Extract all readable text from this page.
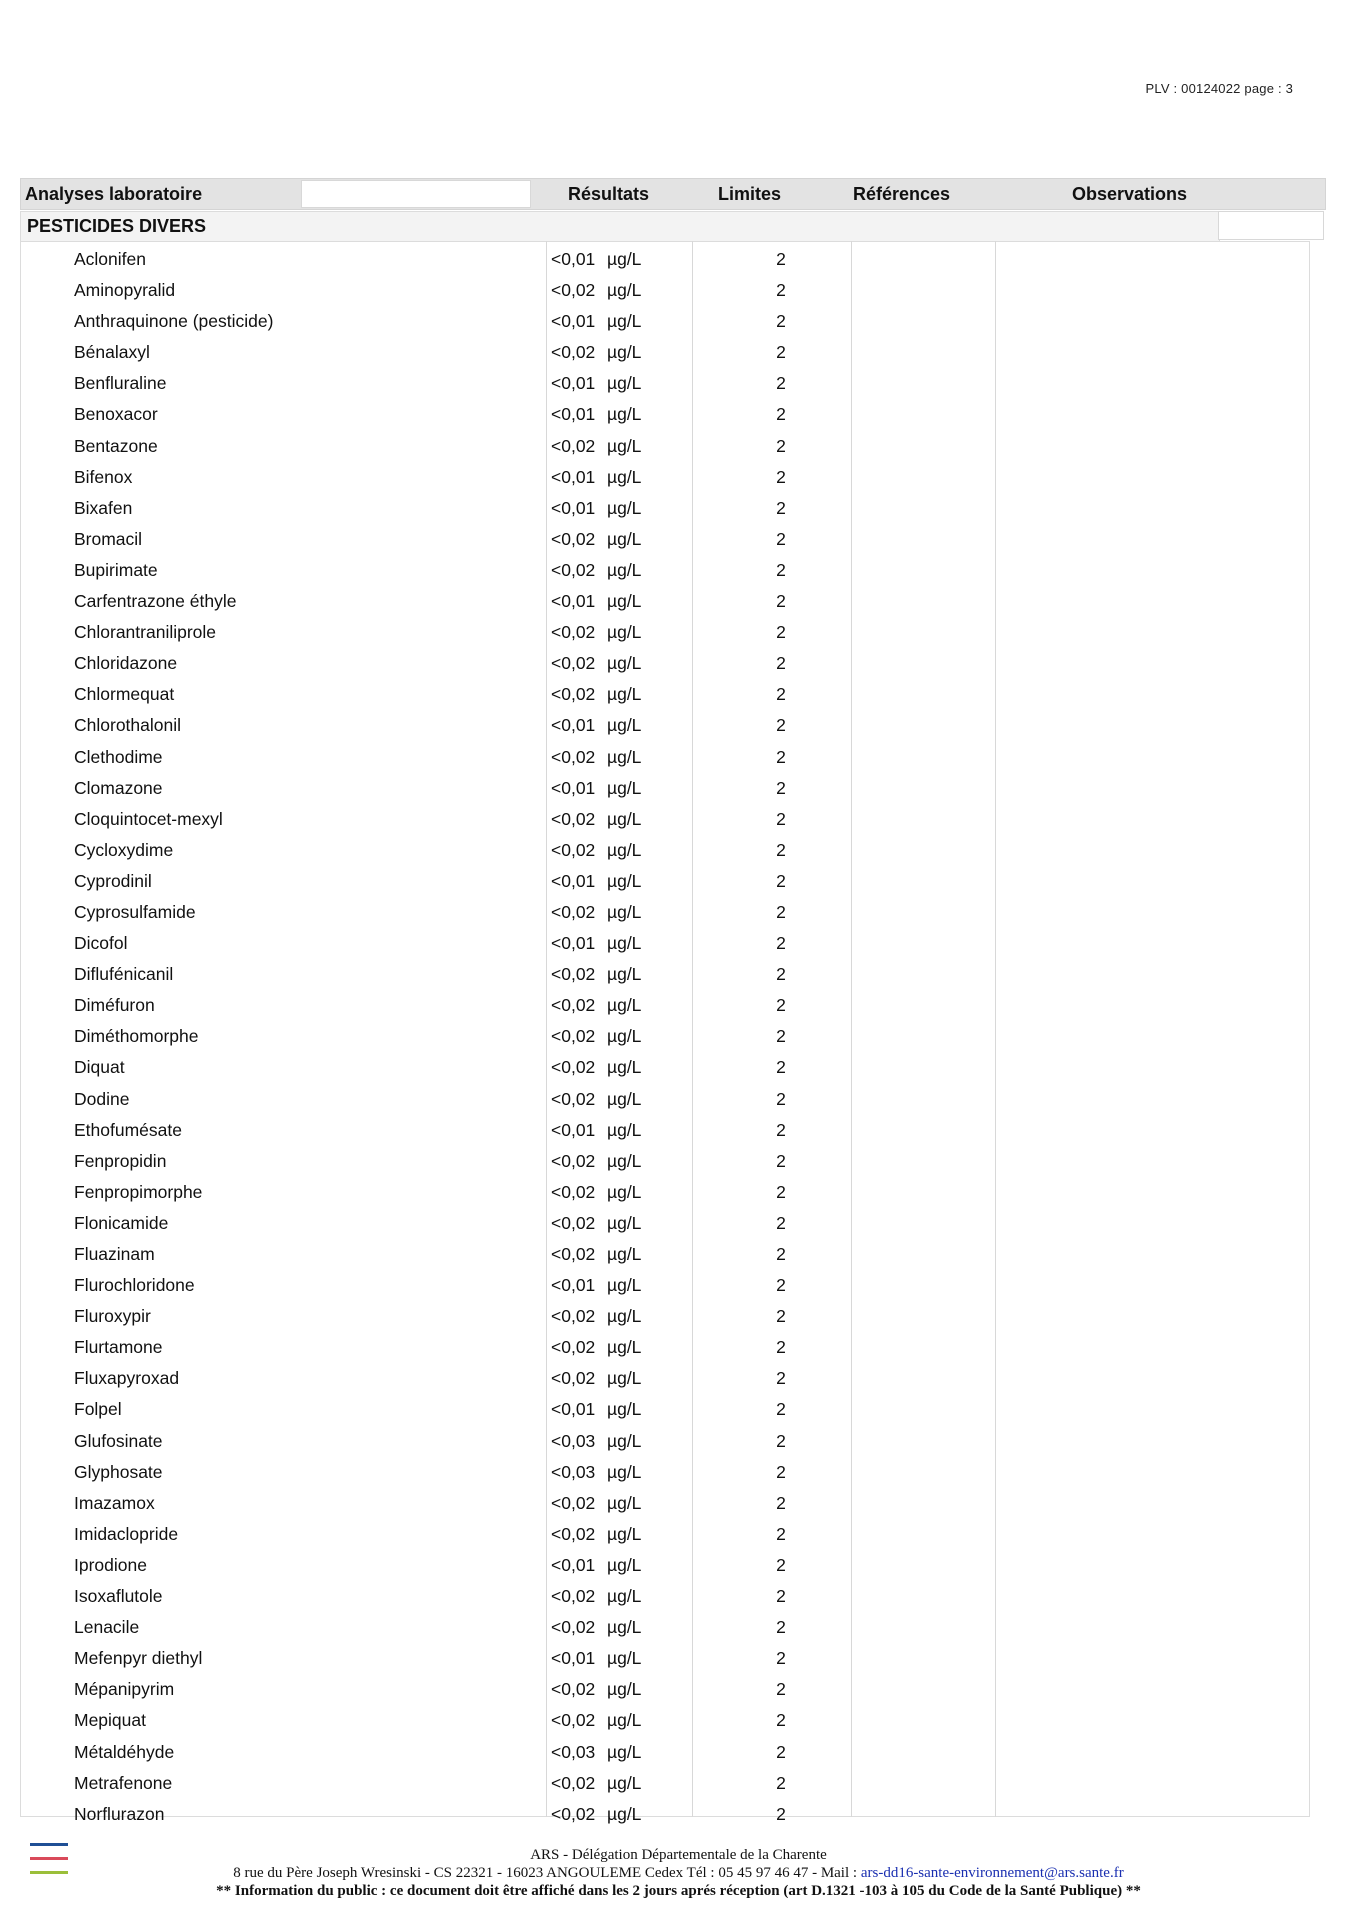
PLV : 00124022 page : 3
Analyses laboratoire	Résultats	Limites	Références	Observations
PESTICIDES DIVERS
Aclonifen	<0,01 µg/L	2
Aminopyralid	<0,02 µg/L	2
Anthraquinone (pesticide)	<0,01 µg/L	2
Bénalaxyl	<0,02 µg/L	2
Benfluraline	<0,01 µg/L	2
Benoxacor	<0,01 µg/L	2
Bentazone	<0,02 µg/L	2
Bifenox	<0,01 µg/L	2
Bixafen	<0,01 µg/L	2
Bromacil	<0,02 µg/L	2
Bupirimate	<0,02 µg/L	2
Carfentrazone éthyle	<0,01 µg/L	2
Chlorantraniliprole	<0,02 µg/L	2
Chloridazone	<0,02 µg/L	2
Chlormequat	<0,02 µg/L	2
Chlorothalonil	<0,01 µg/L	2
Clethodime	<0,02 µg/L	2
Clomazone	<0,01 µg/L	2
Cloquintocet-mexyl	<0,02 µg/L	2
Cycloxydime	<0,02 µg/L	2
Cyprodinil	<0,01 µg/L	2
Cyprosulfamide	<0,02 µg/L	2
Dicofol	<0,01 µg/L	2
Diflufénicanil	<0,02 µg/L	2
Diméfuron	<0,02 µg/L	2
Diméthomorphe	<0,02 µg/L	2
Diquat	<0,02 µg/L	2
Dodine	<0,02 µg/L	2
Ethofumésate	<0,01 µg/L	2
Fenpropidin	<0,02 µg/L	2
Fenpropimorphe	<0,02 µg/L	2
Flonicamide	<0,02 µg/L	2
Fluazinam	<0,02 µg/L	2
Flurochloridone	<0,01 µg/L	2
Fluroxypir	<0,02 µg/L	2
Flurtamone	<0,02 µg/L	2
Fluxapyroxad	<0,02 µg/L	2
Folpel	<0,01 µg/L	2
Glufosinate	<0,03 µg/L	2
Glyphosate	<0,03 µg/L	2
Imazamox	<0,02 µg/L	2
Imidaclopride	<0,02 µg/L	2
Iprodione	<0,01 µg/L	2
Isoxaflutole	<0,02 µg/L	2
Lenacile	<0,02 µg/L	2
Mefenpyr diethyl	<0,01 µg/L	2
Mépanipyrim	<0,02 µg/L	2
Mepiquat	<0,02 µg/L	2
Métaldéhyde	<0,03 µg/L	2
Metrafenone	<0,02 µg/L	2
Norflurazon	<0,02 µg/L	2
ARS - Délégation Départementale de la Charente
8 rue du Père Joseph Wresinski - CS 22321 - 16023 ANGOULEME Cedex Tél : 05 45 97 46 47 - Mail : ars-dd16-sante-environnement@ars.sante.fr
** Information du public : ce document doit être affiché dans les 2 jours aprés réception (art D.1321 -103 à 105 du Code de la Santé Publique) **
